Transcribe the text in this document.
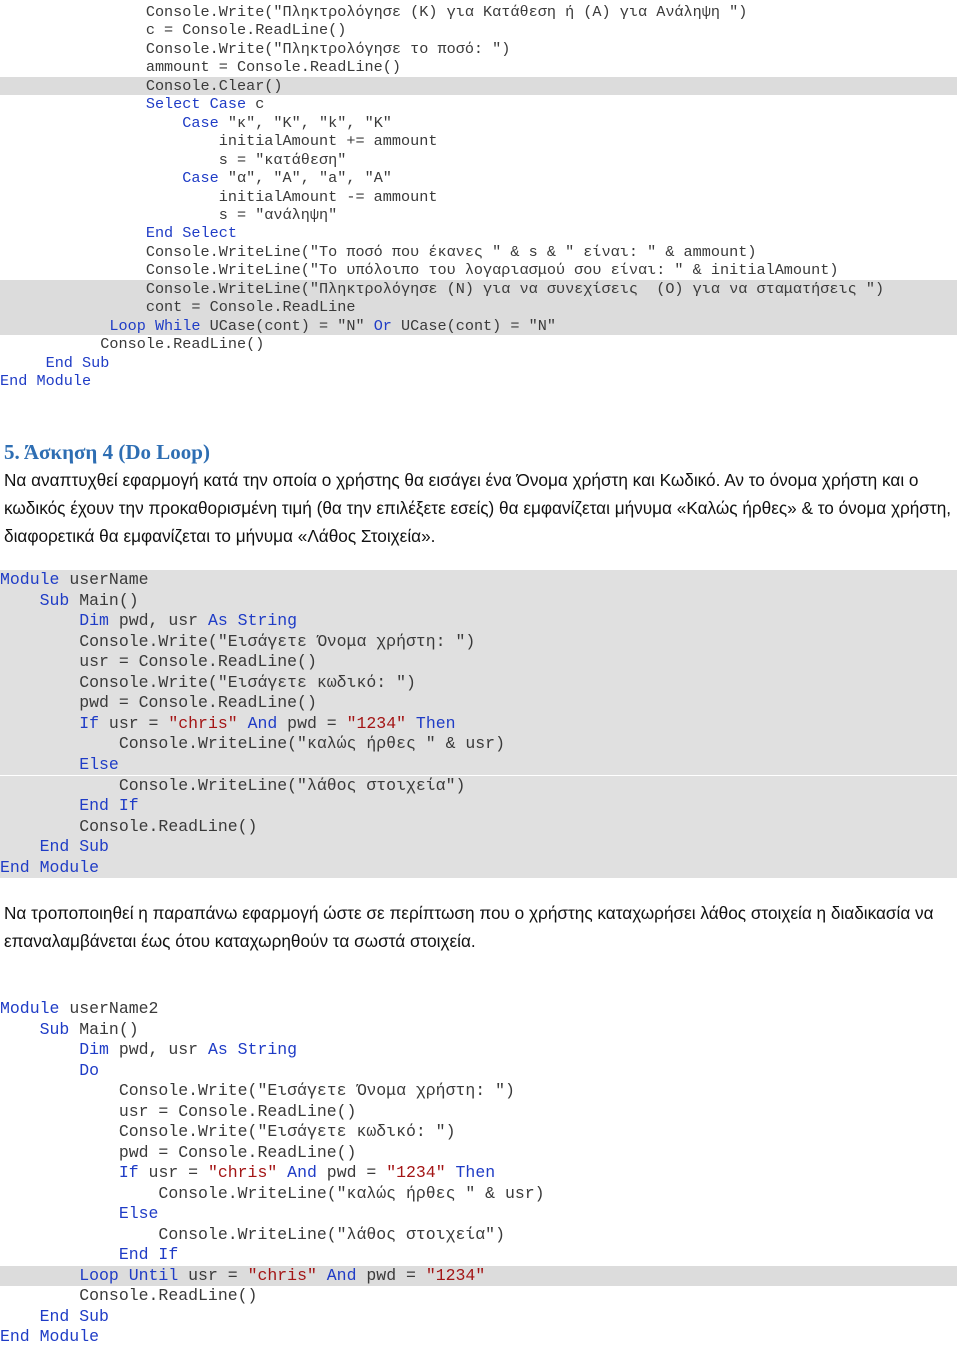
Console.Write("Πληκτρολόγησε (Κ) για Κατάθεση ή (Α) για Ανάληψη ")
c = Console.ReadLine()
Console.Write("Πληκτρολόγησε το ποσό: ")
ammount = Console.ReadLine()
Console.Clear()
Select Case c
Case "κ", "Κ", "k", "K"
initialAmount += ammount
s = "κατάθεση"
Case "α", "Α", "a", "A"
initialAmount -= ammount
s = "ανάληψη"
End Select
Console.WriteLine("Το ποσό που έκανες " & s & " είναι: " & ammount)
Console.WriteLine("Το υπόλοιπο του λογαριασμού σου είναι: " & initialAmount)
Console.WriteLine("Πληκτρολόγησε (Ν) για να συνεχίσεις  (Ο) για να σταματήσεις ")
cont = Console.ReadLine
Loop While UCase(cont) = "N" Or UCase(cont) = "N"
Console.ReadLine()
End Sub
End Module
5. Άσκηση 4 (Do Loop)

Να αναπτυχθεί εφαρμογή κατά την οποία ο χρήστης θα εισάγει ένα Όνομα χρήστη και Κωδικό. Αν το όνομα χρήστη και ο κωδικός έχουν την προκαθορισμένη τιμή (θα την επιλέξετε εσείς) θα εμφανίζεται μήνυμα «Καλώς ήρθες» & το όνομα χρήστη, διαφορετικά θα εμφανίζεται το μήνυμα «Λάθος Στοιχεία».

Module userName
Sub Main()
Dim pwd, usr As String
Console.Write("Εισάγετε Όνομα χρήστη: ")
usr = Console.ReadLine()
Console.Write("Εισάγετε κωδικό: ")
pwd = Console.ReadLine()
If usr = "chris" And pwd = "1234" Then
Console.WriteLine("καλώς ήρθες " & usr)
Else
Console.WriteLine("λάθος στοιχεία")
End If
Console.ReadLine()
End Sub
End Module

Να τροποποιηθεί η παραπάνω εφαρμογή ώστε σε περίπτωση που ο χρήστης καταχωρήσει λάθος στοιχεία η διαδικασία να επαναλαμβάνεται έως ότου καταχωρηθούν τα σωστά στοιχεία.

Module userName2
Sub Main()
Dim pwd, usr As String
Do
Console.Write("Εισάγετε Όνομα χρήστη: ")
usr = Console.ReadLine()
Console.Write("Εισάγετε κωδικό: ")
pwd = Console.ReadLine()
If usr = "chris" And pwd = "1234" Then
Console.WriteLine("καλώς ήρθες " & usr)
Else
Console.WriteLine("λάθος στοιχεία")
End If
Loop Until usr = "chris" And pwd = "1234"
Console.ReadLine()
End Sub
End Module
